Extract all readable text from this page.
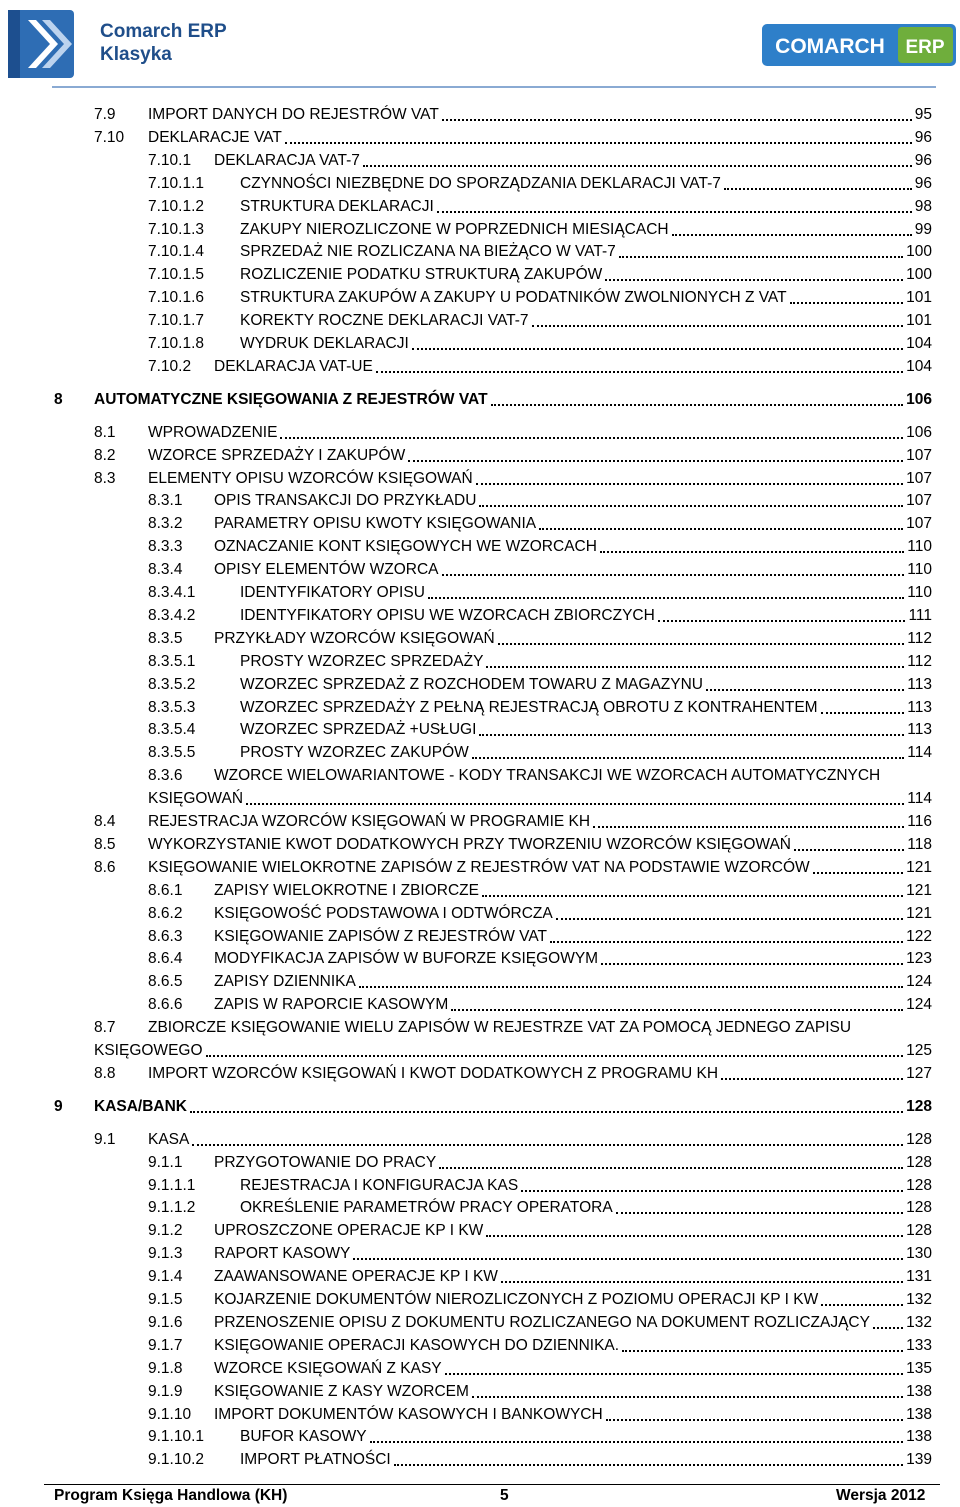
Comarch ERP
Klasyka	COMARCH ERP
7.9 IMPORT DANYCH DO REJESTRÓW VAT	95
7.10 DEKLARACJE VAT	96
7.10.1 DEKLARACJA VAT-7	96
7.10.1.1 CZYNNOŚCI NIEZBĘDNE DO SPORZĄDZANIA DEKLARACJI VAT-7	96
7.10.1.2 STRUKTURA DEKLARACJI	98
7.10.1.3 ZAKUPY NIEROZLICZONE W POPRZEDNICH MIESIĄCACH	99
7.10.1.4 SPRZEDAŻ NIE ROZLICZANA NA BIEŻĄCO W VAT-7	100
7.10.1.5 ROZLICZENIE PODATKU STRUKTURĄ ZAKUPÓW	100
7.10.1.6 STRUKTURA ZAKUPÓW A ZAKUPY U PODATNIKÓW ZWOLNIONYCH Z VAT	101
7.10.1.7 KOREKTY ROCZNE DEKLARACJI VAT-7	101
7.10.1.8 WYDRUK DEKLARACJI	104
7.10.2 DEKLARACJA VAT-UE	104
8 AUTOMATYCZNE KSIĘGOWANIA Z REJESTRÓW VAT	106
8.1 WPROWADZENIE	106
8.2 WZORCE SPRZEDAŻY I ZAKUPÓW	107
8.3 ELEMENTY OPISU WZORCÓW KSIĘGOWAŃ	107
8.3.1 OPIS TRANSAKCJI DO PRZYKŁADU	107
8.3.2 PARAMETRY OPISU KWOTY KSIĘGOWANIA	107
8.3.3 OZNACZANIE KONT KSIĘGOWYCH WE WZORCACH	110
8.3.4 OPISY ELEMENTÓW WZORCA	110
8.3.4.1	IDENTYFIKATORY OPISU	110
8.3.4.2	IDENTYFIKATORY OPISU WE WZORCACH ZBIORCZYCH	111
8.3.5 PRZYKŁADY WZORCÓW KSIĘGOWAŃ	112
8.3.5.1	PROSTY WZORZEC SPRZEDAŻY	112
8.3.5.2	WZORZEC SPRZEDAŻ Z ROZCHODEM TOWARU Z MAGAZYNU	113
8.3.5.3	WZORZEC SPRZEDAŻY Z PEŁNĄ REJESTRACJĄ OBROTU Z KONTRAHENTEM	113
8.3.5.4	WZORZEC SPRZEDAŻ +USŁUGI	113
8.3.5.5	PROSTY WZORZEC ZAKUPÓW	114
8.3.6 WZORCE WIELOWARIANTOWE - KODY TRANSAKCJI WE WZORCACH AUTOMATYCZNYCH
KSIĘGOWAŃ	114
8.4 REJESTRACJA WZORCÓW KSIĘGOWAŃ W PROGRAMIE KH	116
8.5 WYKORZYSTANIE KWOT DODATKOWYCH PRZY TWORZENIU WZORCÓW KSIĘGOWAŃ	118
8.6 KSIĘGOWANIE WIELOKROTNE ZAPISÓW Z REJESTRÓW VAT NA PODSTAWIE WZORCÓW	121
8.6.1 ZAPISY WIELOKROTNE I ZBIORCZE	121
8.6.2 KSIĘGOWOŚĆ PODSTAWOWA I ODTWÓRCZA	121
8.6.3 KSIĘGOWANIE ZAPISÓW Z REJESTRÓW VAT	122
8.6.4 MODYFIKACJA ZAPISÓW W BUFORZE KSIĘGOWYM	123
8.6.5 ZAPISY DZIENNIKA	124
8.6.6 ZAPIS W RAPORCIE KASOWYM	124
8.7 ZBIORCZE KSIĘGOWANIE WIELU ZAPISÓW W REJESTRZE VAT ZA POMOCĄ JEDNEGO ZAPISU
KSIĘGOWEGO	125
8.8 IMPORT WZORCÓW KSIĘGOWAŃ I KWOT DODATKOWYCH Z PROGRAMU KH	127
9 KASA/BANK	128
9.1 KASA	128
9.1.1 PRZYGOTOWANIE DO PRACY	128
9.1.1.1	REJESTRACJA I KONFIGURACJA KAS	128
9.1.1.2	OKREŚLENIE PARAMETRÓW PRACY OPERATORA	128
9.1.2 UPROSZCZONE OPERACJE KP I KW	128
9.1.3 RAPORT KASOWY	130
9.1.4 ZAAWANSOWANE OPERACJE KP I KW	131
9.1.5 KOJARZENIE DOKUMENTÓW NIEROZLICZONYCH Z POZIOMU OPERACJI KP I KW	132
9.1.6 PRZENOSZENIE OPISU Z DOKUMENTU ROZLICZANEGO NA DOKUMENT ROZLICZAJĄCY 132
9.1.7 KSIĘGOWANIE OPERACJI KASOWYCH DO DZIENNIKA.	133
9.1.8 WZORCE KSIĘGOWAŃ Z KASY	135
9.1.9 KSIĘGOWANIE Z KASY WZORCEM	138
9.1.10 IMPORT DOKUMENTÓW KASOWYCH I BANKOWYCH	138
9.1.10.1 BUFOR KASOWY	138
9.1.10.2 IMPORT PŁATNOŚCI	139
Program Księga Handlowa (KH)	5	Wersja 2012
